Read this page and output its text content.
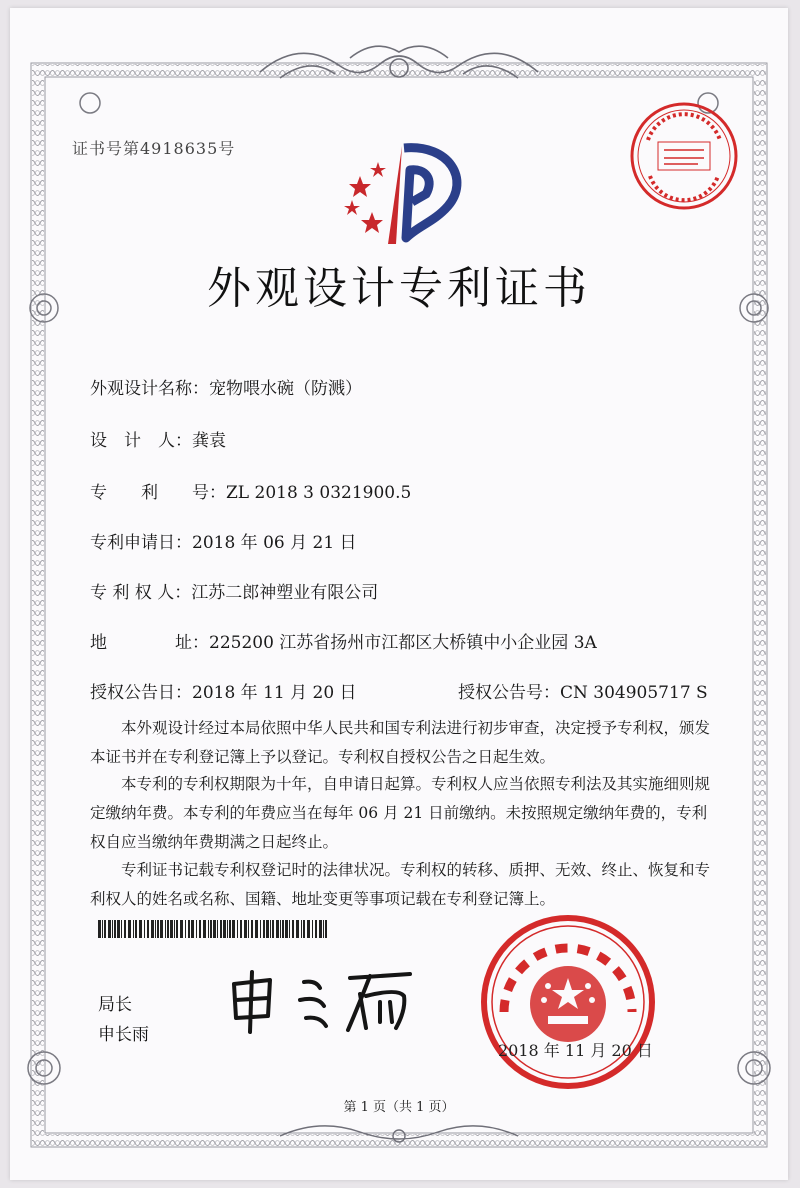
证书号第4918635号
外观设计专利证书
外观设计名称：宠物喂水碗（防溅）
设　计　人：龚袁
专　　利　　号：ZL 2018 3 0321900.5
专利申请日：2018 年 06 月 21 日
专 利 权 人：江苏二郎神塑业有限公司
地　　　　址：225200 江苏省扬州市江都区大桥镇中小企业园 3A
授权公告日：2018 年 11 月 20 日	授权公告号：CN 304905717 S
本外观设计经过本局依照中华人民共和国专利法进行初步审查，决定授予专利权，颁发本证书并在专利登记簿上予以登记。专利权自授权公告之日起生效。
本专利的专利权期限为十年，自申请日起算。专利权人应当依照专利法及其实施细则规定缴纳年费。本专利的年费应当在每年 06 月 21 日前缴纳。未按照规定缴纳年费的，专利权自应当缴纳年费期满之日起终止。
专利证书记载专利权登记时的法律状况。专利权的转移、质押、无效、终止、恢复和专利权人的姓名或名称、国籍、地址变更等事项记载在专利登记簿上。
局长
申长雨
2018 年 11 月 20 日
第 1 页（共 1 页）
